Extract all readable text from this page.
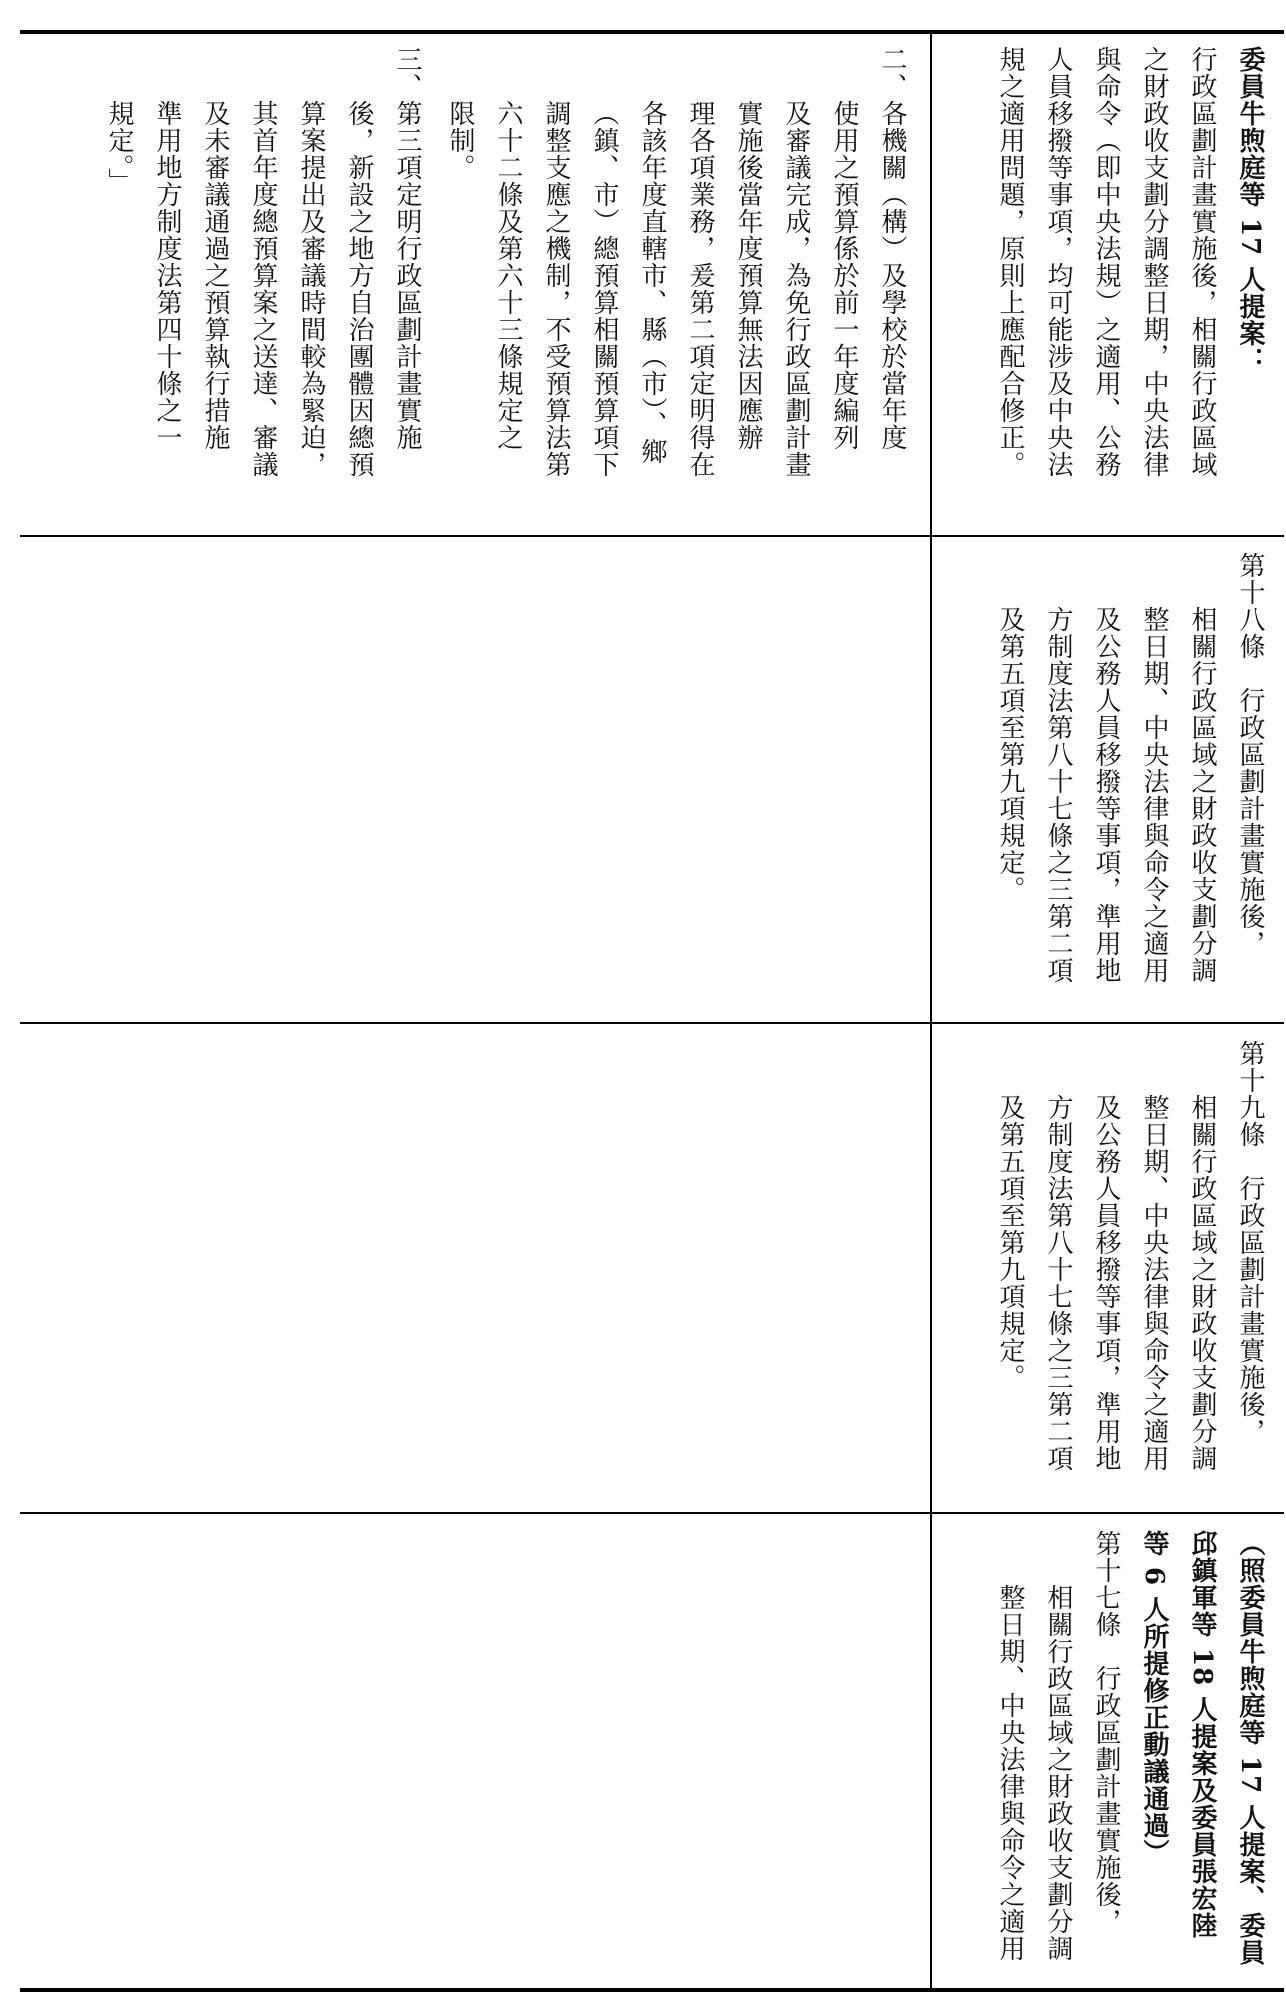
二、各機關（構）及學校於當年度

使用之預算係於前一年度編列

及審議完成，為免行政區劃計畫

實施後當年度預算無法因應辦

理各項業務，爰第二項定明得在

各該年度直轄市、縣（市）、鄉

（鎮、市）總預算相關預算項下

調整支應之機制，不受預算法第

六十二條及第六十三條規定之

限制。

三、第三項定明行政區劃計畫實施

後，新設之地方自治團體因總預

算案提出及審議時間較為緊迫，

其首年度總預算案之送達、審議

及未審議通過之預算執行措施

準用地方制度法第四十條之一

規定。」	委員牛煦庭等 17 人提案：

行政區劃計畫實施後，相關行政區域

之財政收支劃分調整日期，中央法律

與命令（即中央法規）之適用、公務

人員移撥等事項，均可能涉及中央法

規之適用問題，原則上應配合修正。

第十八條　行政區劃計畫實施後，

相關行政區域之財政收支劃分調

整日期、中央法律與命令之適用

及公務人員移撥等事項，準用地

方制度法第八十七條之三第二項

及第五項至第九項規定。

第十九條　行政區劃計畫實施後，

相關行政區域之財政收支劃分調

整日期、中央法律與命令之適用

及公務人員移撥等事項，準用地

方制度法第八十七條之三第二項

及第五項至第九項規定。

（照委員牛煦庭等 17 人提案、委員

邱鎮軍等 18 人提案及委員張宏陸

等 6 人所提修正動議通過）

第十七條　行政區劃計畫實施後，

相關行政區域之財政收支劃分調

整日期、中央法律與命令之適用
